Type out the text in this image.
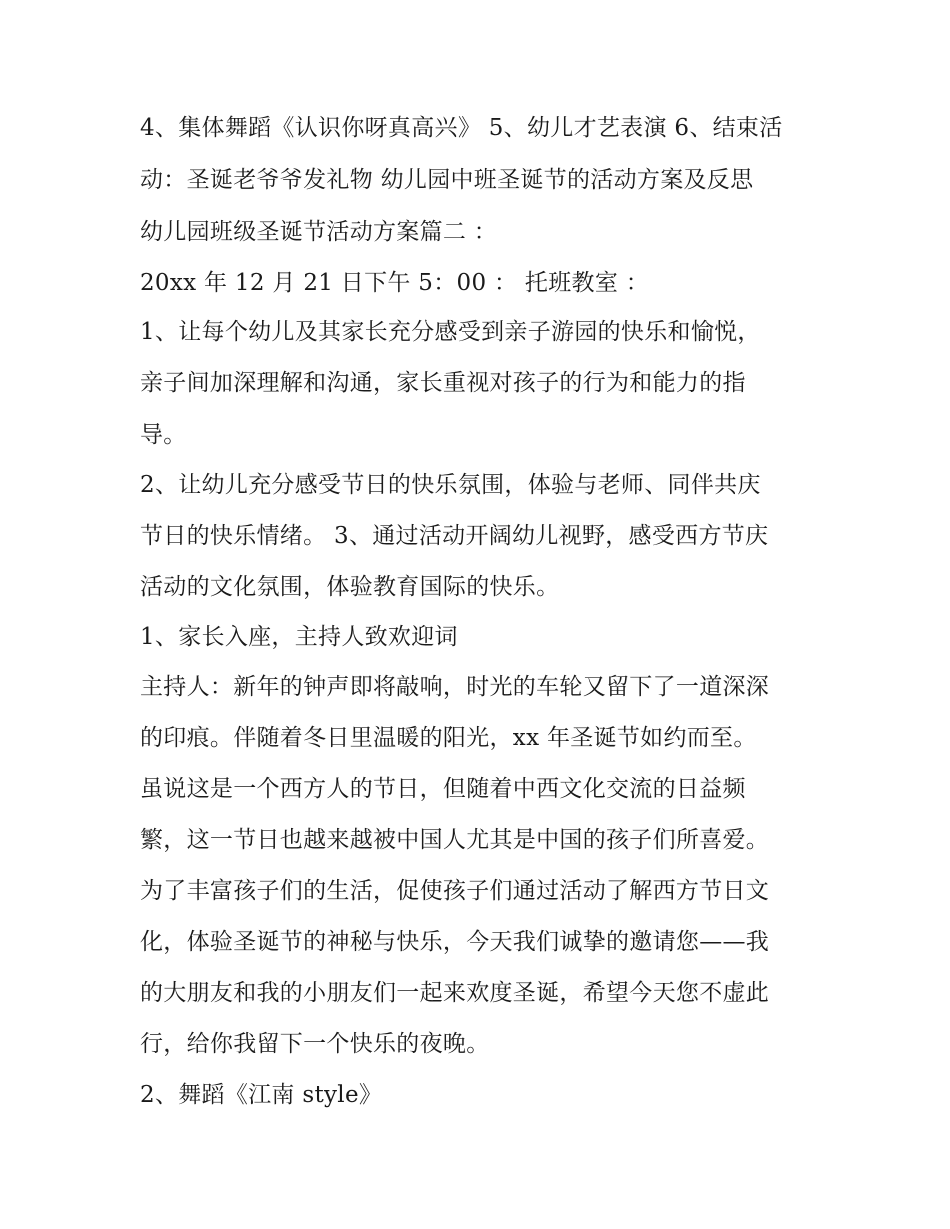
4、集体舞蹈《认识你呀真高兴》 5、幼儿才艺表演 6、结束活
动：圣诞老爷爷发礼物 幼儿园中班圣诞节的活动方案及反思
幼儿园班级圣诞节活动方案篇二 ：
20xx 年 12 月 21 日下午 5：00 ： 托班教室 ：
1、让每个幼儿及其家长充分感受到亲子游园的快乐和愉悦，
亲子间加深理解和沟通，家长重视对孩子的行为和能力的指
导。
2、让幼儿充分感受节日的快乐氛围，体验与老师、同伴共庆
节日的快乐情绪。 3、通过活动开阔幼儿视野，感受西方节庆
活动的文化氛围，体验教育国际的快乐。
1、家长入座，主持人致欢迎词
主持人：新年的钟声即将敲响，时光的车轮又留下了一道深深
的印痕。伴随着冬日里温暖的阳光，xx 年圣诞节如约而至。
虽说这是一个西方人的节日，但随着中西文化交流的日益频
繁，这一节日也越来越被中国人尤其是中国的孩子们所喜爱。
为了丰富孩子们的生活，促使孩子们通过活动了解西方节日文
化，体验圣诞节的神秘与快乐，今天我们诚挚的邀请您——我
的大朋友和我的小朋友们一起来欢度圣诞，希望今天您不虚此
行，给你我留下一个快乐的夜晚。
2、舞蹈《江南 style》
